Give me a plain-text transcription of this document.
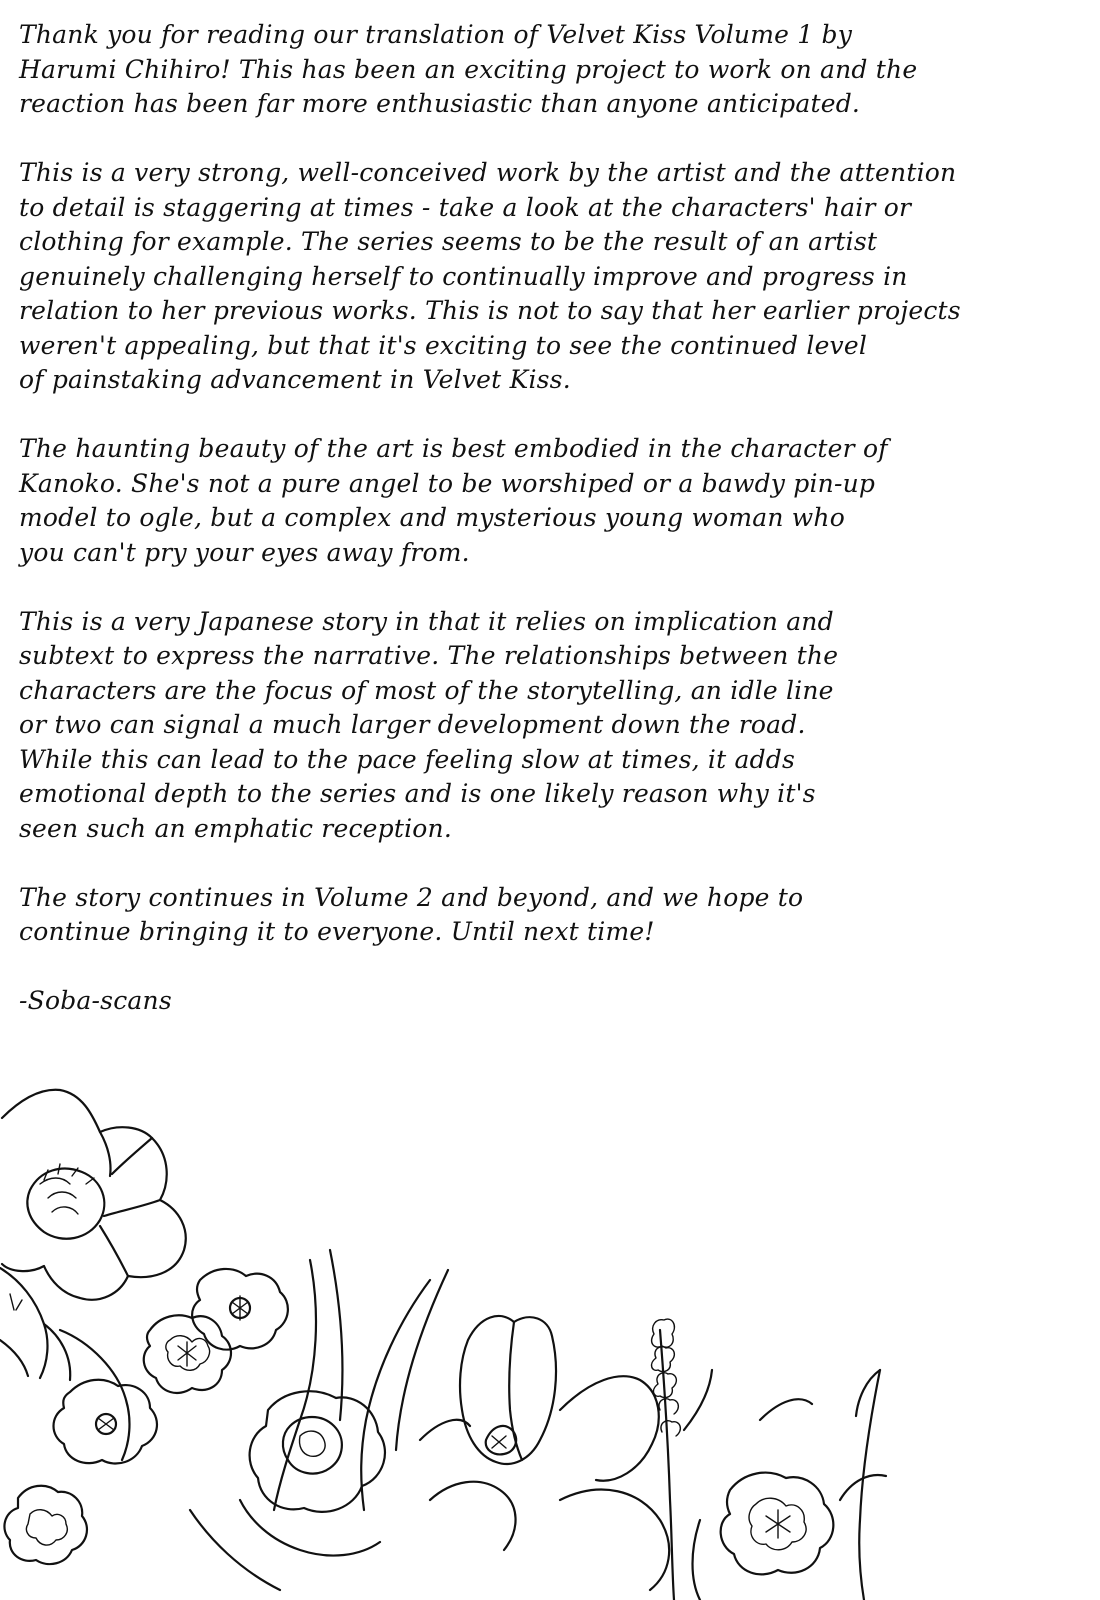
Thank you for reading our translation of Velvet Kiss Volume 1 by
Harumi Chihiro! This has been an exciting project to work on and the
reaction has been far more enthusiastic than anyone anticipated.

This is a very strong, well-conceived work by the artist and the attention
to detail is staggering at times - take a look at the characters' hair or
clothing for example. The series seems to be the result of an artist
genuinely challenging herself to continually improve and progress in
relation to her previous works. This is not to say that her earlier projects
weren't appealing, but that it's exciting to see the continued level
of painstaking advancement in Velvet Kiss.

The haunting beauty of the art is best embodied in the character of
Kanoko. She's not a pure angel to be worshiped or a bawdy pin-up
model to ogle, but a complex and mysterious young woman who
you can't pry your eyes away from.

This is a very Japanese story in that it relies on implication and
subtext to express the narrative. The relationships between the
characters are the focus of most of the storytelling, an idle line
or two can signal a much larger development down the road.
While this can lead to the pace feeling slow at times, it adds
emotional depth to the series and is one likely reason why it's
seen such an emphatic reception.

The story continues in Volume 2 and beyond, and we hope to
continue bringing it to everyone. Until next time!

-Soba-scans
